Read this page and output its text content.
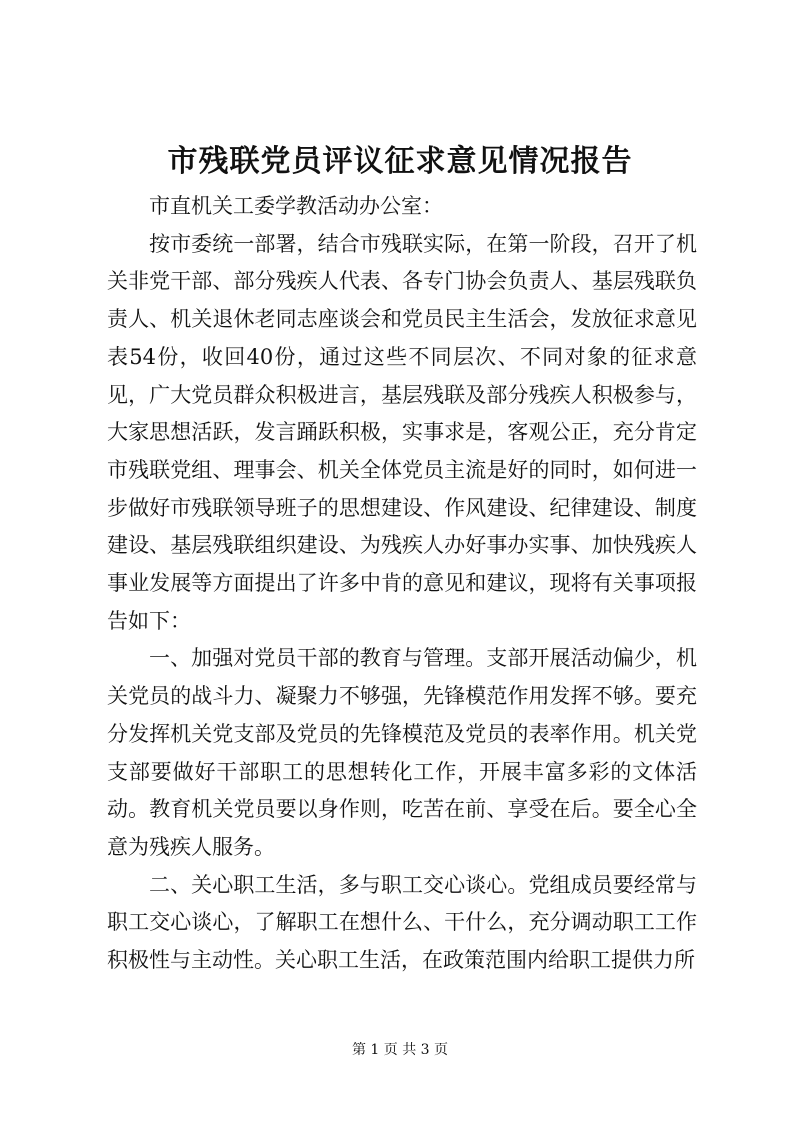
市残联党员评议征求意见情况报告

市直机关工委学教活动办公室：

按市委统一部署，结合市残联实际，在第一阶段，召开了机关非党干部、部分残疾人代表、各专门协会负责人、基层残联负责人、机关退休老同志座谈会和党员民主生活会，发放征求意见表54份，收回40份，通过这些不同层次、不同对象的征求意见，广大党员群众积极进言，基层残联及部分残疾人积极参与，大家思想活跃，发言踊跃积极，实事求是，客观公正，充分肯定市残联党组、理事会、机关全体党员主流是好的同时，如何进一步做好市残联领导班子的思想建设、作风建设、纪律建设、制度建设、基层残联组织建设、为残疾人办好事办实事、加快残疾人事业发展等方面提出了许多中肯的意见和建议，现将有关事项报告如下：

一、加强对党员干部的教育与管理。支部开展活动偏少，机关党员的战斗力、凝聚力不够强，先锋模范作用发挥不够。要充分发挥机关党支部及党员的先锋模范及党员的表率作用。机关党支部要做好干部职工的思想转化工作，开展丰富多彩的文体活动。教育机关党员要以身作则，吃苦在前、享受在后。要全心全意为残疾人服务。

二、关心职工生活，多与职工交心谈心。党组成员要经常与职工交心谈心，了解职工在想什么、干什么，充分调动职工工作积极性与主动性。关心职工生活，在政策范围内给职工提供力所

第 1 页 共 3 页
